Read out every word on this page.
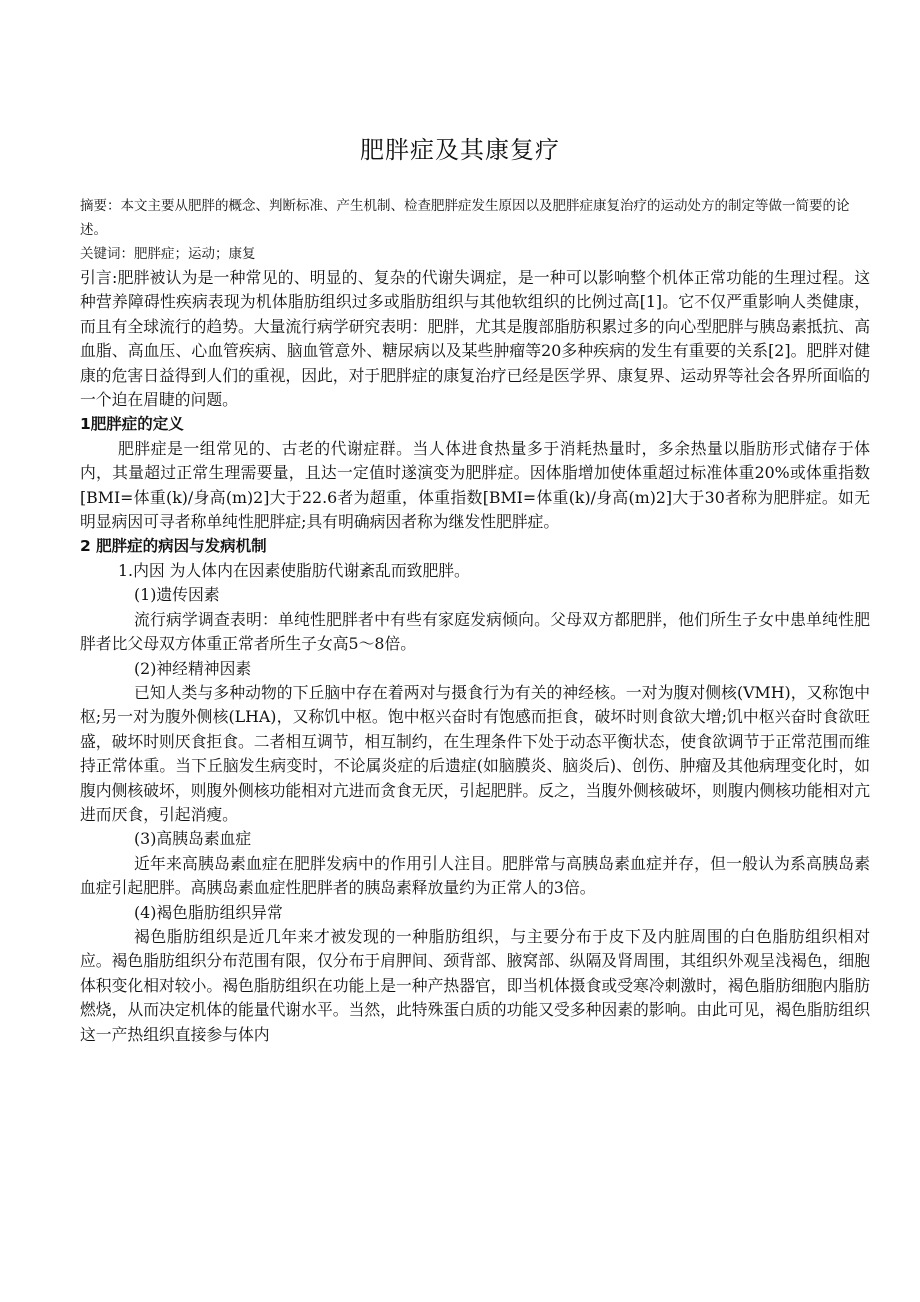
肥胖症及其康复疗
摘要：本文主要从肥胖的概念、判断标准、产生机制、检查肥胖症发生原因以及肥胖症康复治疗的运动处方的制定等做一简要的论述。
关键词：肥胖症；运动；康复

引言:肥胖被认为是一种常见的、明显的、复杂的代谢失调症，是一种可以影响整个机体正常功能的生理过程。这种营养障碍性疾病表现为机体脂肪组织过多或脂肪组织与其他软组织的比例过高[1]。它不仅严重影响人类健康，而且有全球流行的趋势。大量流行病学研究表明：肥胖，尤其是腹部脂肪积累过多的向心型肥胖与胰岛素抵抗、高血脂、高血压、心血管疾病、脑血管意外、糖尿病以及某些肿瘤等20多种疾病的发生有重要的关系[2]。肥胖对健康的危害日益得到人们的重视，因此，对于肥胖症的康复治疗已经是医学界、康复界、运动界等社会各界所面临的一个迫在眉睫的问题。

1肥胖症的定义

肥胖症是一组常见的、古老的代谢症群。当人体进食热量多于消耗热量时，多余热量以脂肪形式储存于体内，其量超过正常生理需要量，且达一定值时遂演变为肥胖症。因体脂增加使体重超过标准体重20%或体重指数[BMI=体重(k)/身高(m)2]大于22.6者为超重，体重指数[BMI=体重(k)/身高(m)2]大于30者称为肥胖症。如无明显病因可寻者称单纯性肥胖症;具有明确病因者称为继发性肥胖症。

2 肥胖症的病因与发病机制

1.内因 为人体内在因素使脂肪代谢紊乱而致肥胖。

(1)遗传因素

流行病学调查表明：单纯性肥胖者中有些有家庭发病倾向。父母双方都肥胖，他们所生子女中患单纯性肥胖者比父母双方体重正常者所生子女高5～8倍。

(2)神经精神因素

已知人类与多种动物的下丘脑中存在着两对与摄食行为有关的神经核。一对为腹对侧核(VMH)，又称饱中枢;另一对为腹外侧核(LHA)，又称饥中枢。饱中枢兴奋时有饱感而拒食，破坏时则食欲大增;饥中枢兴奋时食欲旺盛，破坏时则厌食拒食。二者相互调节，相互制约，在生理条件下处于动态平衡状态，使食欲调节于正常范围而维持正常体重。当下丘脑发生病变时，不论属炎症的后遗症(如脑膜炎、脑炎后)、创伤、肿瘤及其他病理变化时，如腹内侧核破坏，则腹外侧核功能相对亢进而贪食无厌，引起肥胖。反之，当腹外侧核破坏，则腹内侧核功能相对亢进而厌食，引起消瘦。

(3)高胰岛素血症

近年来高胰岛素血症在肥胖发病中的作用引人注目。肥胖常与高胰岛素血症并存，但一般认为系高胰岛素血症引起肥胖。高胰岛素血症性肥胖者的胰岛素释放量约为正常人的3倍。

(4)褐色脂肪组织异常

褐色脂肪组织是近几年来才被发现的一种脂肪组织，与主要分布于皮下及内脏周围的白色脂肪组织相对应。褐色脂肪组织分布范围有限，仅分布于肩胛间、颈背部、腋窝部、纵隔及肾周围，其组织外观呈浅褐色，细胞体积变化相对较小。褐色脂肪组织在功能上是一种产热器官，即当机体摄食或受寒冷刺激时，褐色脂肪细胞内脂肪燃烧，从而决定机体的能量代谢水平。当然，此特殊蛋白质的功能又受多种因素的影响。由此可见，褐色脂肪组织这一产热组织直接参与体内
